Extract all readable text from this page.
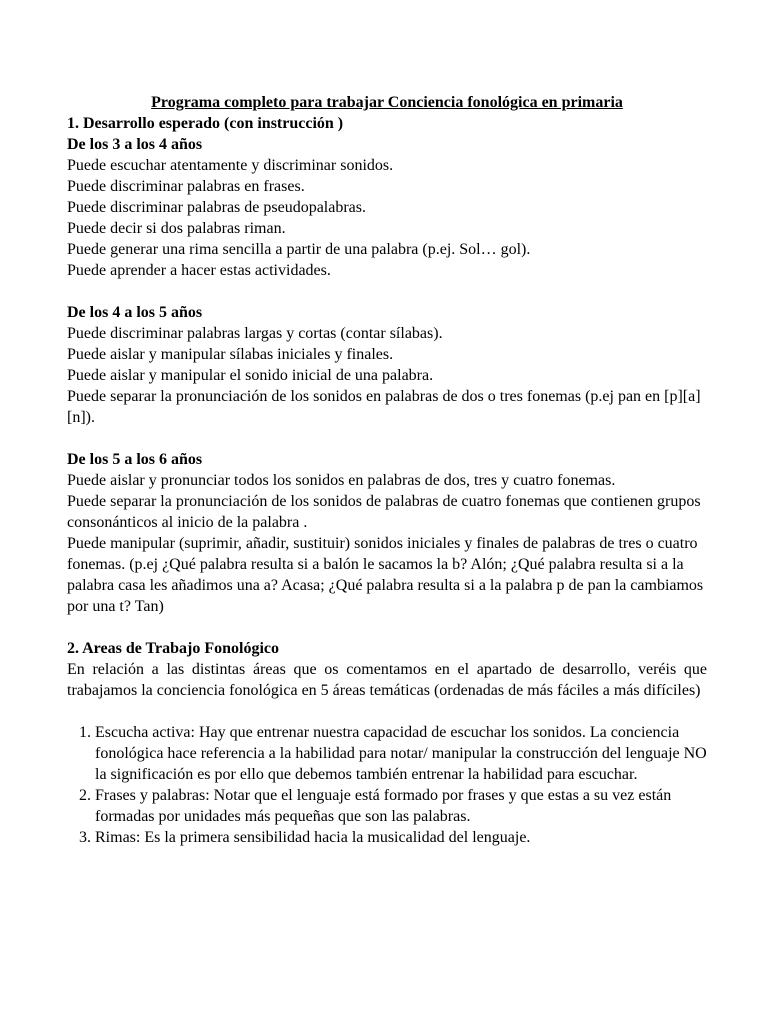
Programa completo para trabajar Conciencia fonológica en primaria

1. Desarrollo esperado (con instrucción )

De los 3 a los 4 años

Puede escuchar atentamente y discriminar sonidos.

Puede discriminar palabras en frases.

Puede discriminar palabras de pseudopalabras.

Puede decir si dos palabras riman.

Puede generar una rima sencilla a partir de una palabra (p.ej. Sol… gol).

Puede aprender a hacer estas actividades.

De los 4 a los 5 años

Puede discriminar palabras largas y cortas (contar sílabas).

Puede aislar y manipular sílabas iniciales y finales.

Puede aislar y manipular el sonido inicial de una palabra.

Puede separar la pronunciación de los sonidos en palabras de dos o tres fonemas (p.ej pan en [p][a][n]).

De los 5 a los 6 años

Puede aislar y pronunciar todos los sonidos en palabras de dos, tres y cuatro fonemas.

Puede separar la pronunciación de los sonidos de palabras de cuatro fonemas que contienen grupos consonánticos al inicio de la palabra .

Puede manipular (suprimir, añadir, sustituir) sonidos iniciales y finales de palabras de tres o cuatro fonemas. (p.ej ¿Qué palabra resulta si a balón le sacamos la b? Alón; ¿Qué palabra resulta si a la palabra casa les añadimos una a? Acasa; ¿Qué palabra resulta si a la palabra p de pan la cambiamos por una t? Tan)

2. Areas de Trabajo Fonológico

En relación a las distintas áreas que os comentamos en el apartado de desarrollo, veréis que trabajamos la conciencia fonológica en 5 áreas temáticas (ordenadas de más fáciles a más difíciles)

1. Escucha activa: Hay que entrenar nuestra capacidad de escuchar los sonidos. La conciencia fonológica hace referencia a la habilidad para notar/ manipular la construcción del lenguaje NO la significación es por ello que debemos también entrenar la habilidad para escuchar.
2. Frases y palabras: Notar que el lenguaje está formado por frases y que estas a su vez están formadas por unidades más pequeñas que son las palabras.
3. Rimas: Es la primera sensibilidad hacia la musicalidad del lenguaje.
